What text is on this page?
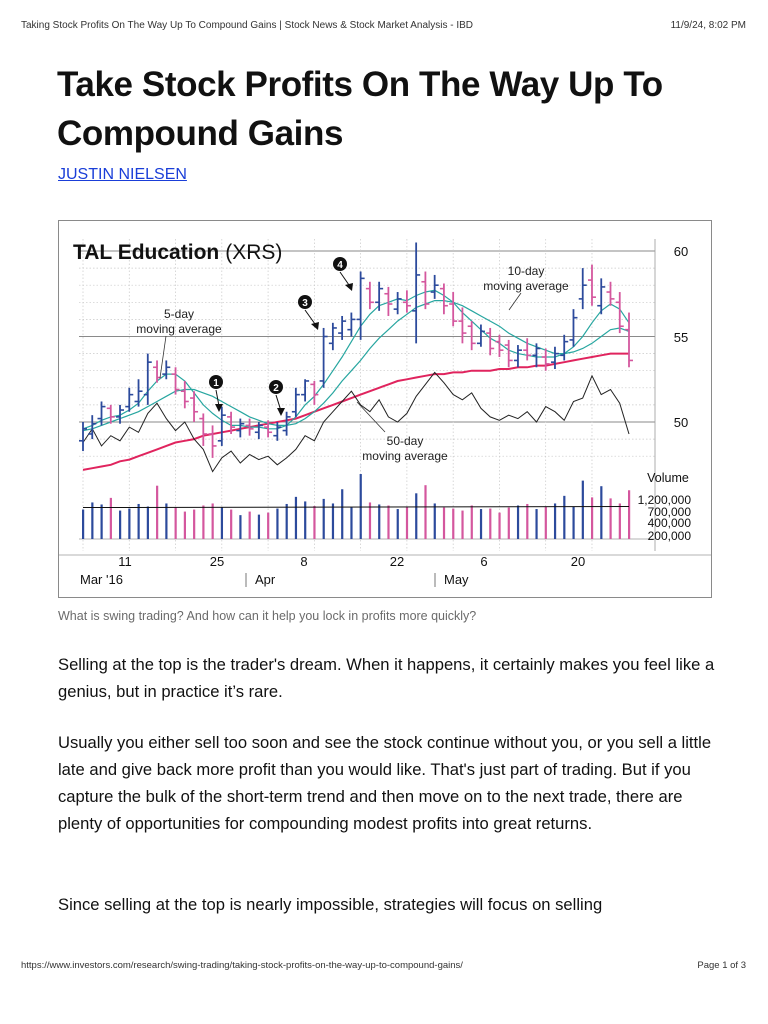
Taking Stock Profits On The Way Up To Compound Gains | Stock News & Stock Market Analysis - IBD	11/9/24, 8:02 PM
Take Stock Profits On The Way Up To Compound Gains
JUSTIN NIELSEN
TAL Education (XRS)	60
55
50
Volume
1,200,000
700,000
400,000
200,000
11	25	8	22	6	20
Mar '16	Apr	May
5-day
moving average
10-day
moving average
50-day
moving average
1	2
3
4
What is swing trading? And how can it help you lock in profits more quickly?

Selling at the top is the trader's dream. When it happens, it certainly makes you feel like a genius, but in practice it’s rare.

Usually you either sell too soon and see the stock continue without you, or you sell a little late and give back more profit than you would like. That's just part of trading. But if you capture the bulk of the short-term trend and then move on to the next trade, there are plenty of opportunities for compounding modest profits into great returns.

Since selling at the top is nearly impossible, strategies will focus on selling

https://www.investors.com/research/swing-trading/taking-stock-profits-on-the-way-up-to-compound-gains/	Page 1 of 3
